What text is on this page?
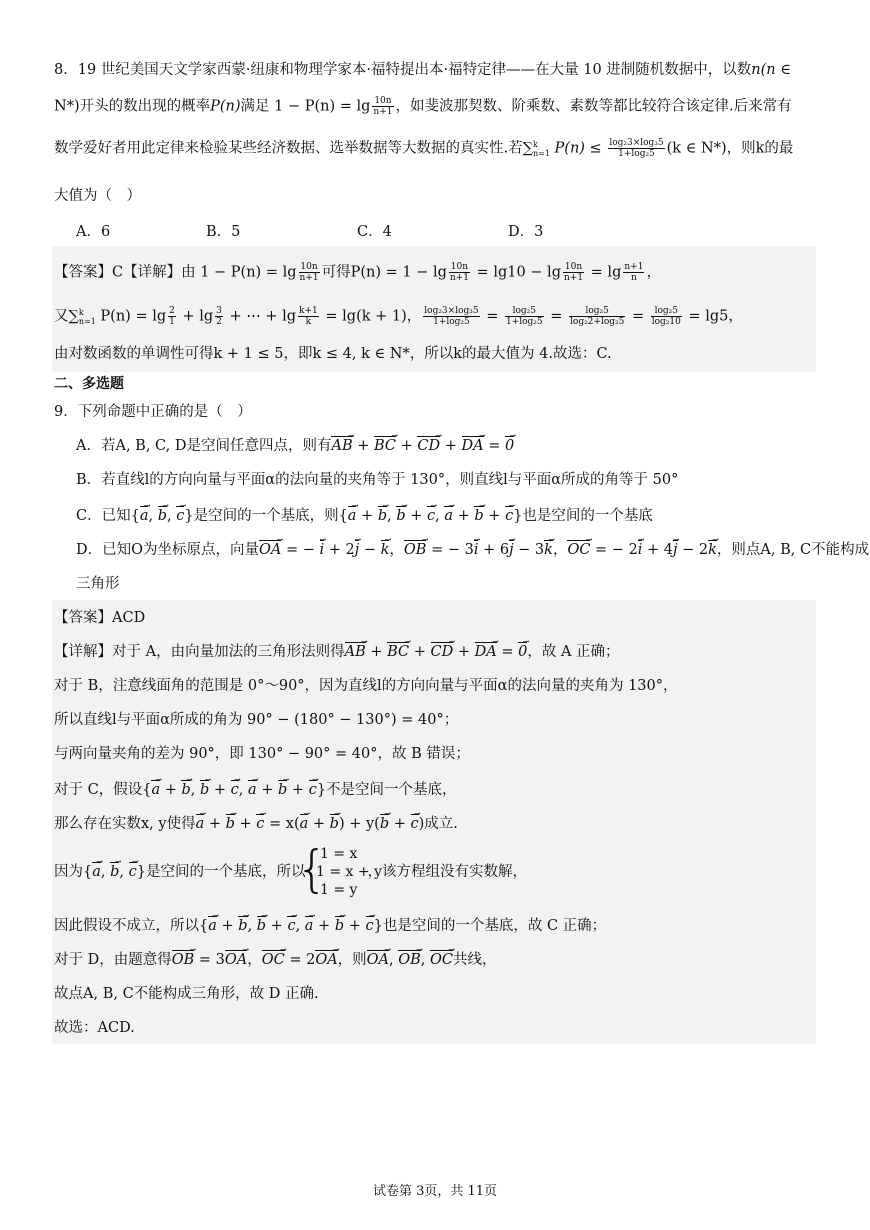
8．19 世纪美国天文学家西蒙·纽康和物理学家本·福特提出本·福特定律——在大量 10 进制随机数据中，以数n(n ∈
N*)开头的数出现的概率P(n)满足 $1 - P(n) = \lg \frac{10n}{n+1}$ ，如斐波那契数、阶乘数、素数等都比较符合该定律.后来常有
数学爱好者用此定律来检验某些经济数据、选举数据等大数据的真实性.若∑ k
n=1 $P(n) \le \frac{\text{log₂3×log₃5}}{\text{1+log₂5}} (k$ ∈ N*)，则k的最
大值为（　）
A．6	B．5	C．4	D．3
【答案】C【详解】由 $1 - P(n) = \lg \frac{10n}{n+1}$ 可得$P(n) = 1 - \lg \frac{10n}{n+1} = \lg 10 - \lg \frac{10n}{n+1} = \lg \frac{n+1}{n}$ ，
又∑ k
n=1 $P(n) = \lg \frac{2}{1} + \lg \frac{3}{2}$ + ⋯ + $\lg \frac{k+1}{k} = \lg(k + 1)$， $\frac{\text{log₂3×log₃5}}{\text{1+log₂5}} = \frac{\text{log₂5}}{\text{1+log₂5}} = \frac{\text{log₂5}}{\text{log₂2+log₂5}} = \frac{\text{log₂5}}{\text{log₂10}} = \lg 5$，
由对数函数的单调性可得k + 1 ≤ 5，即k ≤ 4, k ∈ N*，所以k的最大值为 4.故选：C.
二、多选题
9．下列命题中正确的是（　）
A．若A, B, C, D是空间任意四点，则有AB → + BC → + CD → + DA → = 0 →
B．若直线l的方向向量与平面α的法向量的夹角等于 130°，则直线l与平面α所成的角等于 50°
C．已知{a →, b →, c →}是空间的一个基底，则{a → + b →, b → + c →, a → + b → + c →}也是空间的一个基底
D．已知O为坐标原点，向量OA → = − i → + 2j → − k →，OB → = − 3i → + 6j → − 3k →，OC → = − 2i → + 4j → − 2k →，则点A, B, C不能构成
三角形
【答案】ACD
【详解】对于 A，由向量加法的三角形法则得AB → + BC → + CD → + DA → = 0 →，故 A 正确；
对于 B，注意线面角的范围是 0°～90°，因为直线l的方向向量与平面α的法向量的夹角为 130°，
所以直线l与平面α所成的角为 90° − (180° − 130°) = 40°；
与两向量夹角的差为 90°，即 130° − 90° = 40°，故 B 错误；
对于 C，假设{a → + b →, b → + c →, a → + b → + c →}不是空间一个基底，
那么存在实数x, y使得a → + b → + c → = x(a → + b →) + y(b → + c →)成立.
因为{a →, b →, c →}是空间的一个基底，所以	，该方程组没有实数解，
{
1 = x
1 = x + y
1 = y
因此假设不成立，所以{a → + b →, b → + c →, a → + b → + c →}也是空间的一个基底，故 C 正确；
对于 D，由题意得OB → = 3OA →，OC → = 2OA →，则OA →, OB →, OC →共线，
故点A, B, C不能构成三角形，故 D 正确.
故选：ACD.
试卷第 3页，共 11页
